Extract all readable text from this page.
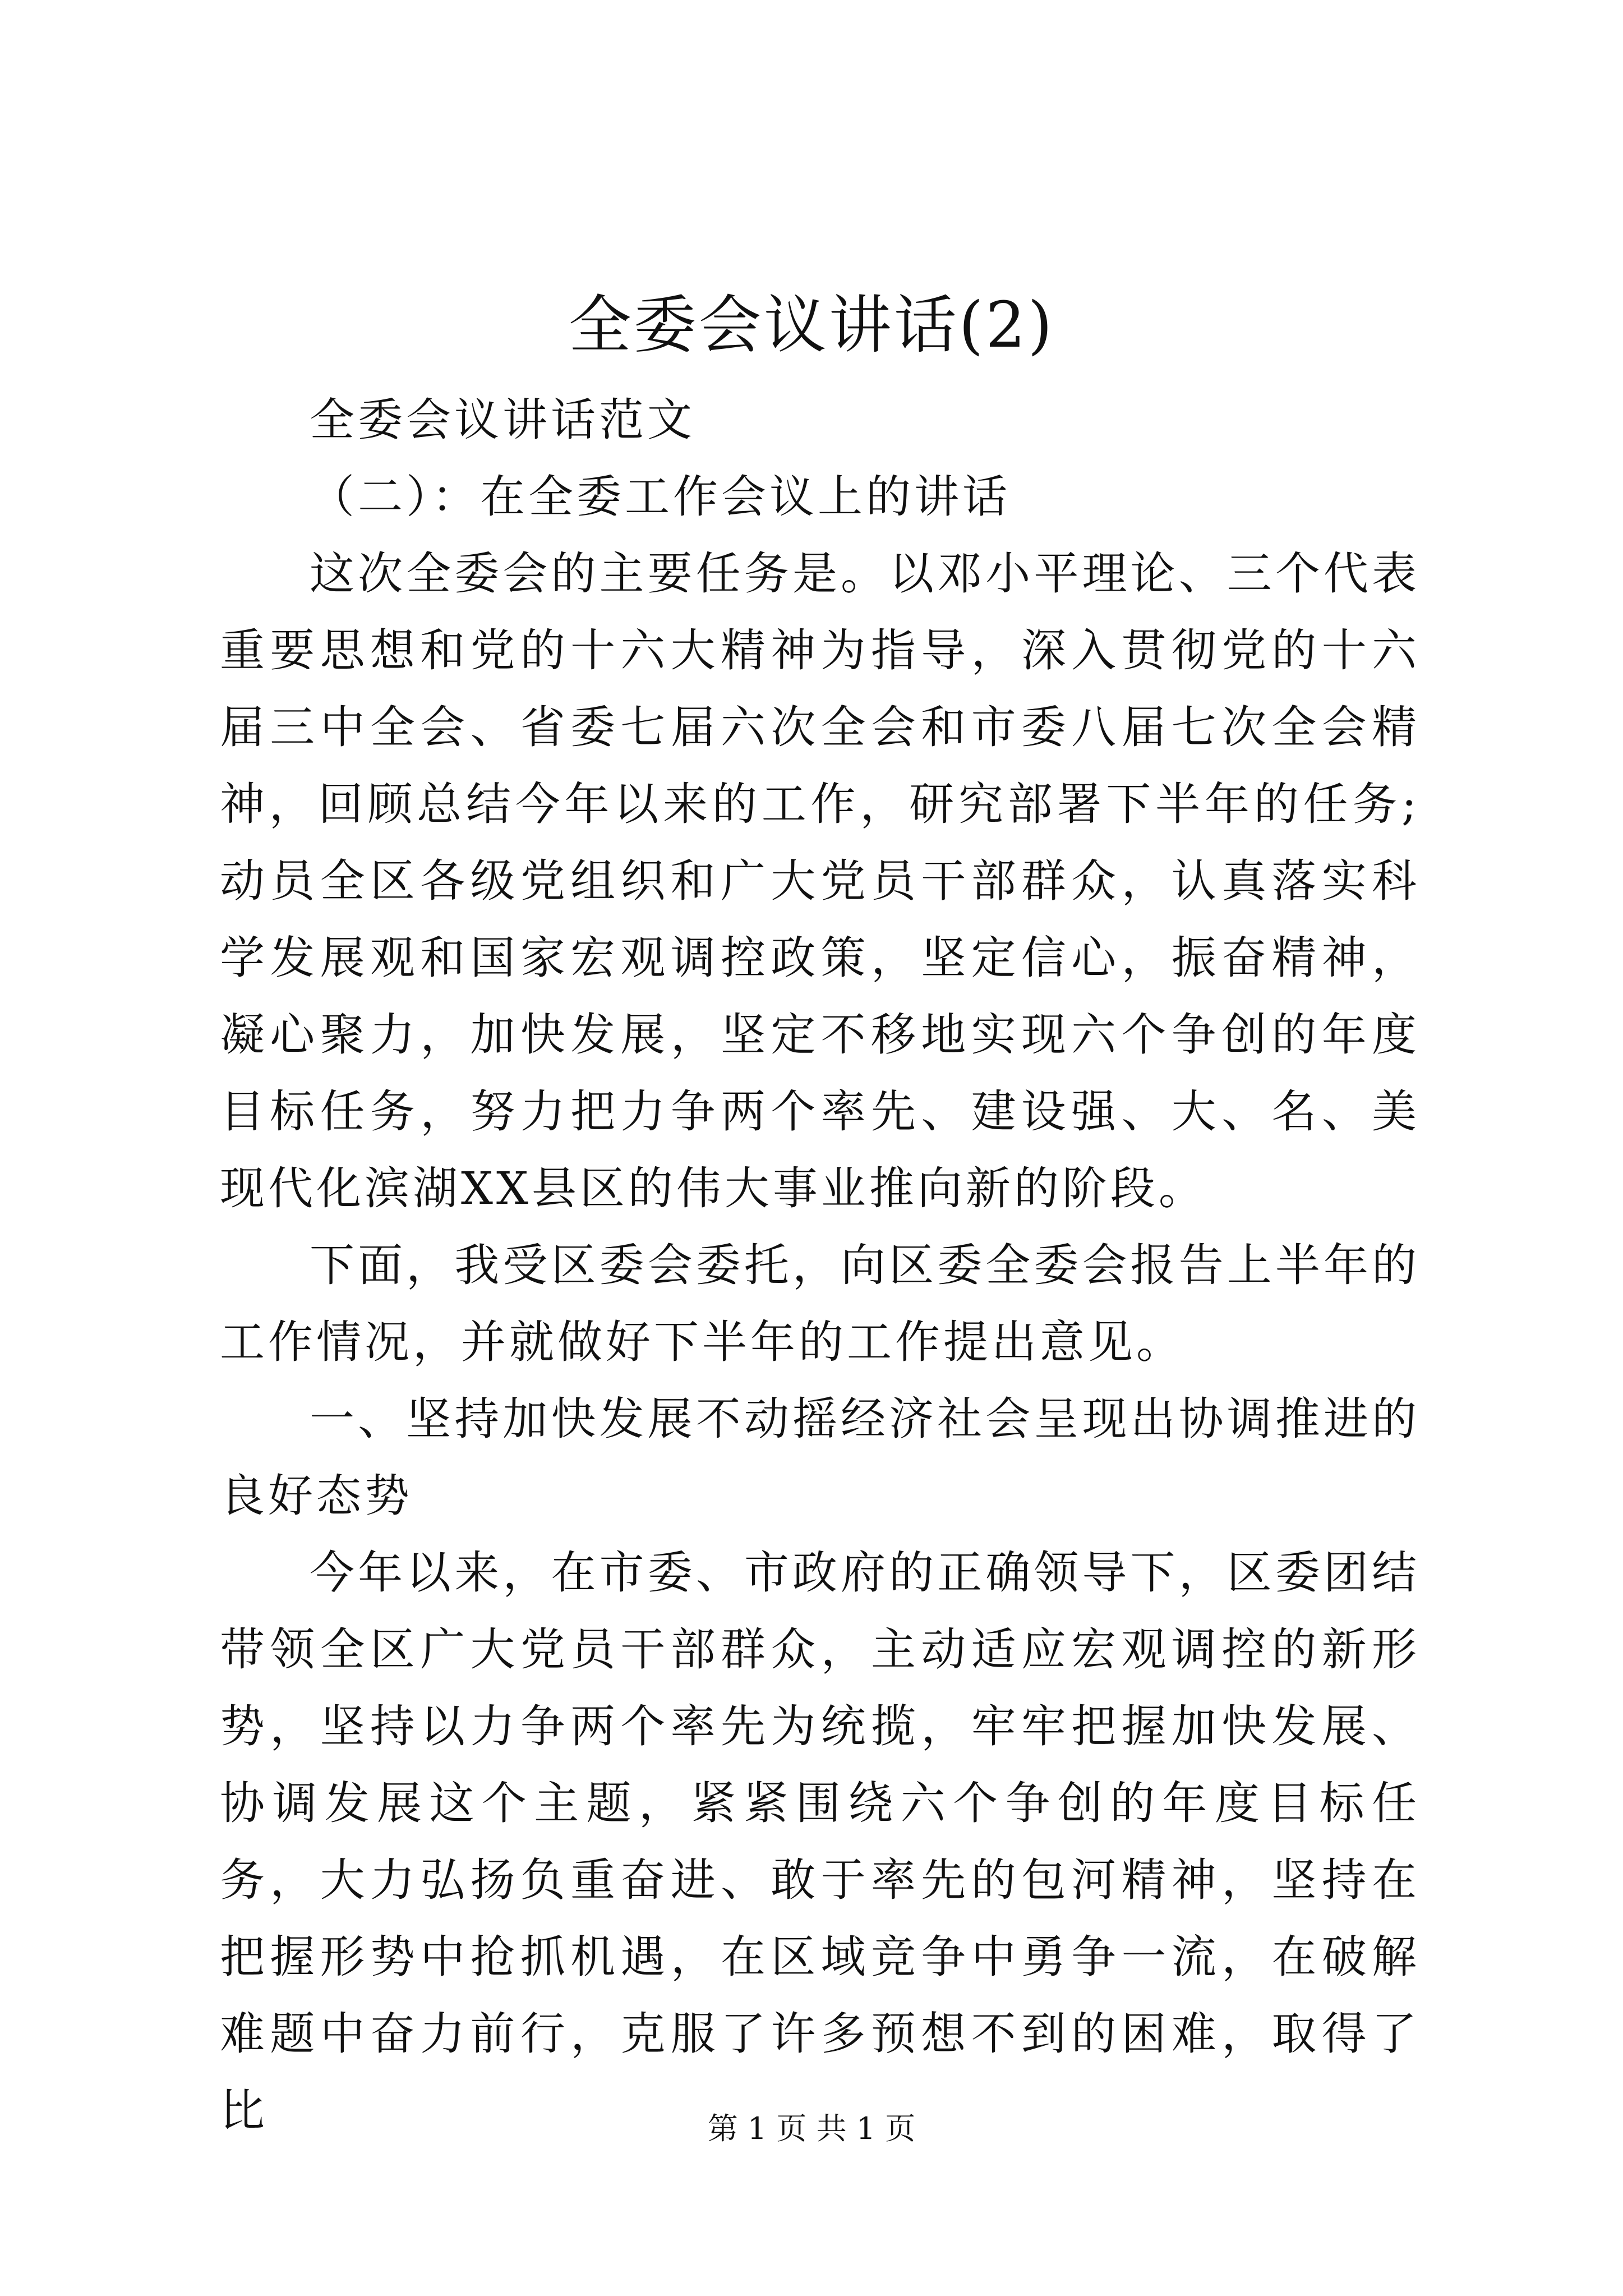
全委会议讲话(2)

全委会议讲话范文

（二）：在全委工作会议上的讲话

这次全委会的主要任务是。以邓小平理论、三个代表重要思想和党的十六大精神为指导，深入贯彻党的十六届三中全会、省委七届六次全会和市委八届七次全会精神，回顾总结今年以来的工作，研究部署下半年的任务;动员全区各级党组织和广大党员干部群众，认真落实科学发展观和国家宏观调控政策，坚定信心，振奋精神，凝心聚力，加快发展，坚定不移地实现六个争创的年度目标任务，努力把力争两个率先、建设强、大、名、美现代化滨湖XX县区的伟大事业推向新的阶段。

下面，我受区委会委托，向区委全委会报告上半年的工作情况，并就做好下半年的工作提出意见。

一、坚持加快发展不动摇经济社会呈现出协调推进的良好态势

今年以来，在市委、市政府的正确领导下，区委团结带领全区广大党员干部群众，主动适应宏观调控的新形势，坚持以力争两个率先为统揽，牢牢把握加快发展、协调发展这个主题，紧紧围绕六个争创的年度目标任务，大力弘扬负重奋进、敢于率先的包河精神，坚持在把握形势中抢抓机遇，在区域竞争中勇争一流，在破解难题中奋力前行，克服了许多预想不到的困难，取得了比	第 1 页 共 1 页
